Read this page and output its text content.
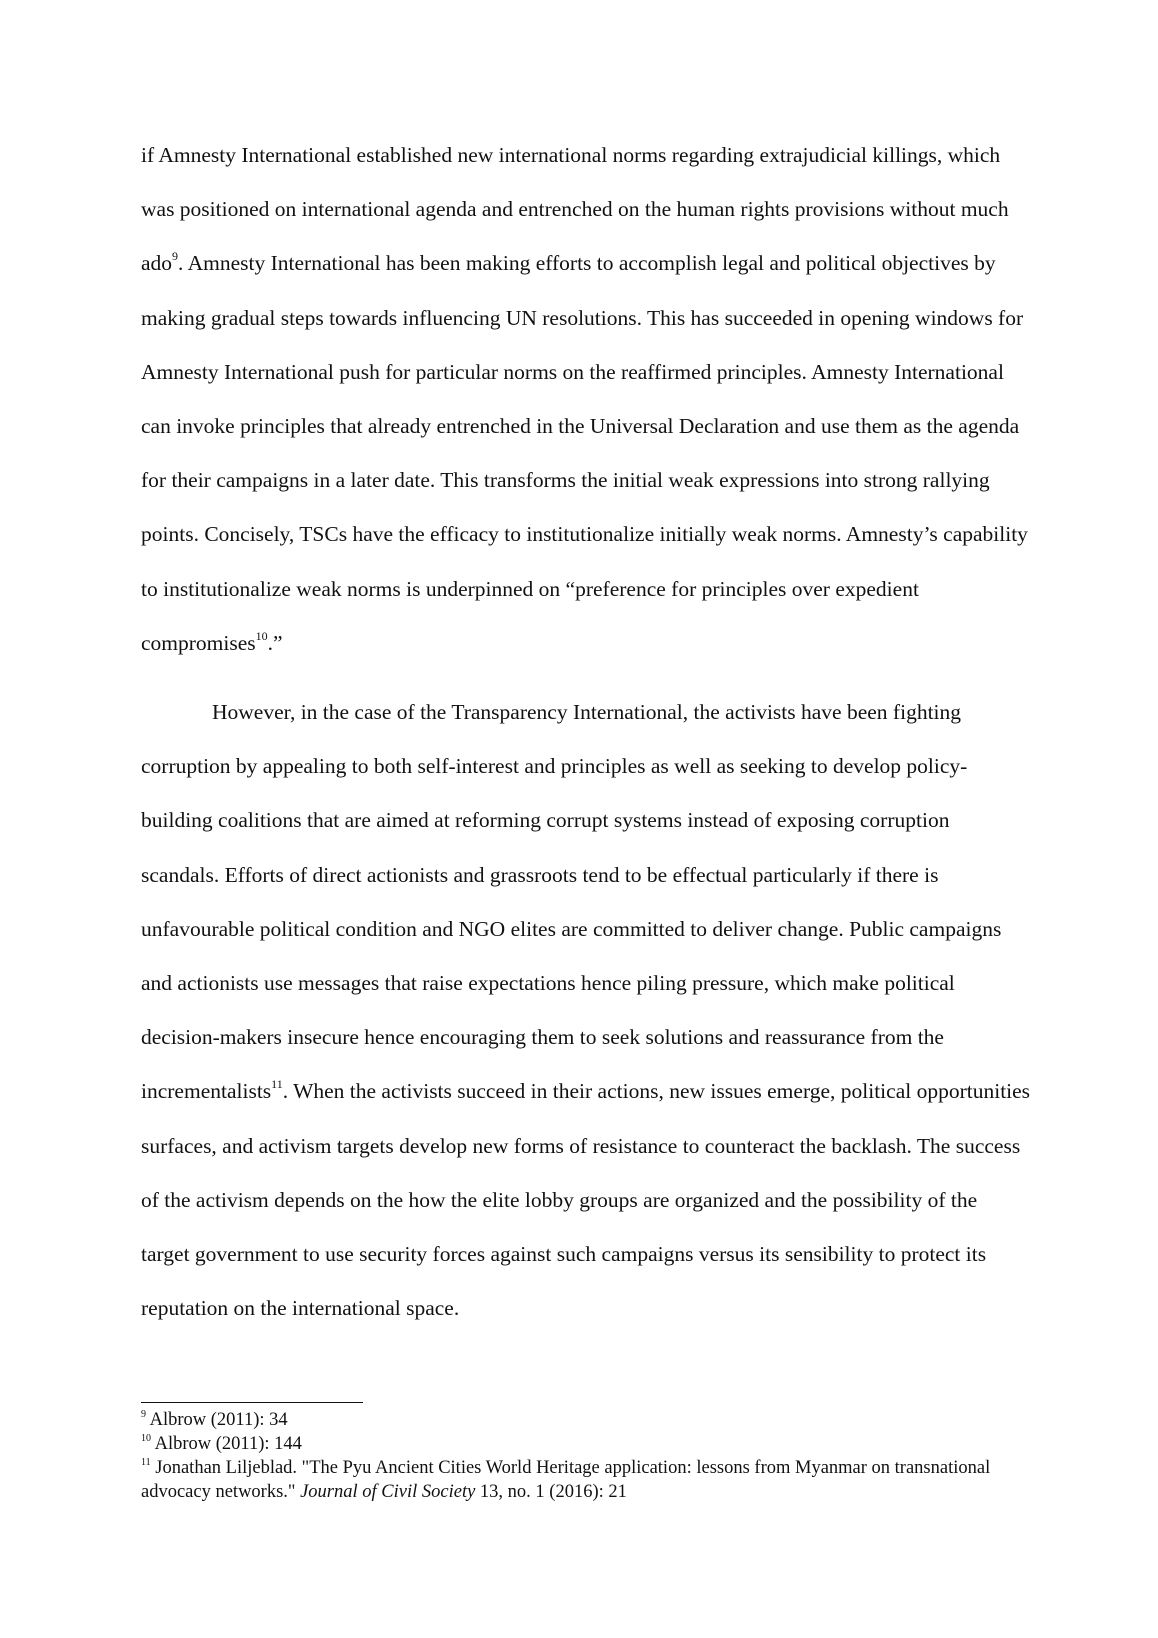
if Amnesty International established new international norms regarding extrajudicial killings, which was positioned on international agenda and entrenched on the human rights provisions without much ado$^9$. Amnesty International has been making efforts to accomplish legal and political objectives by making gradual steps towards influencing UN resolutions. This has succeeded in opening windows for Amnesty International push for particular norms on the reaffirmed principles. Amnesty International can invoke principles that already entrenched in the Universal Declaration and use them as the agenda for their campaigns in a later date. This transforms the initial weak expressions into strong rallying points. Concisely, TSCs have the efficacy to institutionalize initially weak norms. Amnesty’s capability to institutionalize weak norms is underpinned on “preference for principles over expedient compromises$^{10}$.”

However, in the case of the Transparency International, the activists have been fighting corruption by appealing to both self-interest and principles as well as seeking to develop policy-building coalitions that are aimed at reforming corrupt systems instead of exposing corruption scandals. Efforts of direct actionists and grassroots tend to be effectual particularly if there is unfavourable political condition and NGO elites are committed to deliver change. Public campaigns and actionists use messages that raise expectations hence piling pressure, which make political decision-makers insecure hence encouraging them to seek solutions and reassurance from the incrementalists$^{11}$. When the activists succeed in their actions, new issues emerge, political opportunities surfaces, and activism targets develop new forms of resistance to counteract the backlash. The success of the activism depends on the how the elite lobby groups are organized and the possibility of the target government to use security forces against such campaigns versus its sensibility to protect its reputation on the international space.

$^9$ Albrow (2011): 34

$^{10}$ Albrow (2011): 144

$^{11}$ Jonathan Liljeblad. "The Pyu Ancient Cities World Heritage application: lessons from Myanmar on transnational advocacy networks." Journal of Civil Society 13, no. 1 (2016): 21
